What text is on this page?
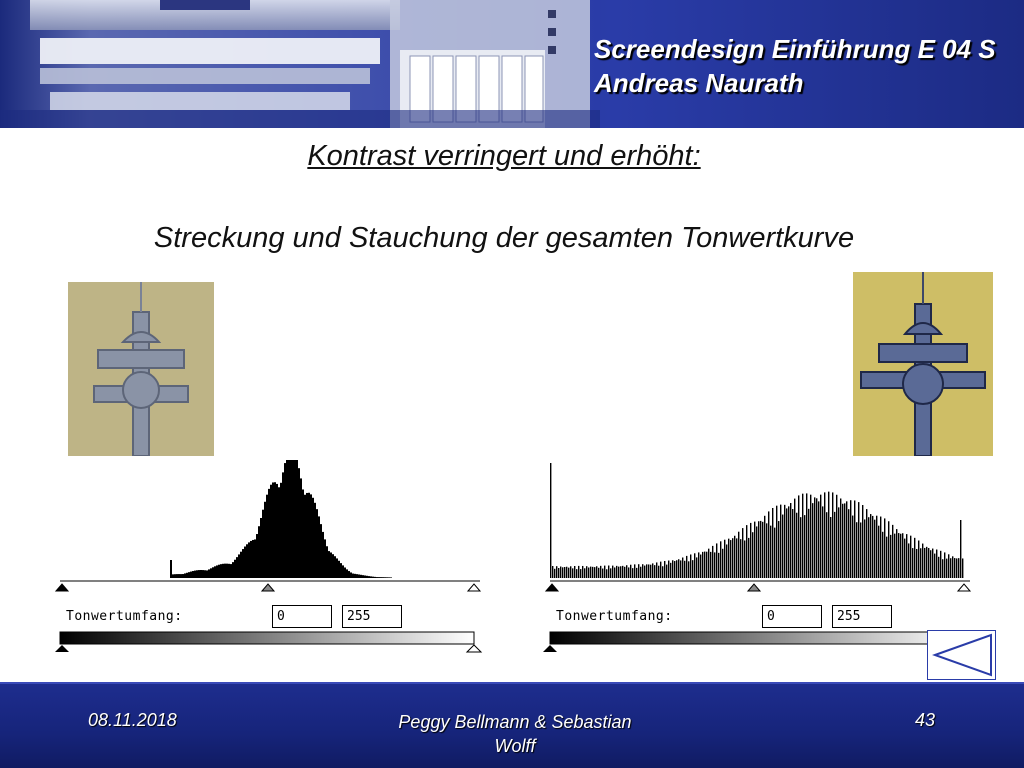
Screendesign Einführung E 04 S
Andreas Naurath
Kontrast verringert und erhöht:
Streckung und Stauchung der gesamten Tonwertkurve
Tonwertumfang:	0	255	Tonwertumfang:	0	255
08.11.2018	Peggy Bellmann & Sebastian Wolff
43
